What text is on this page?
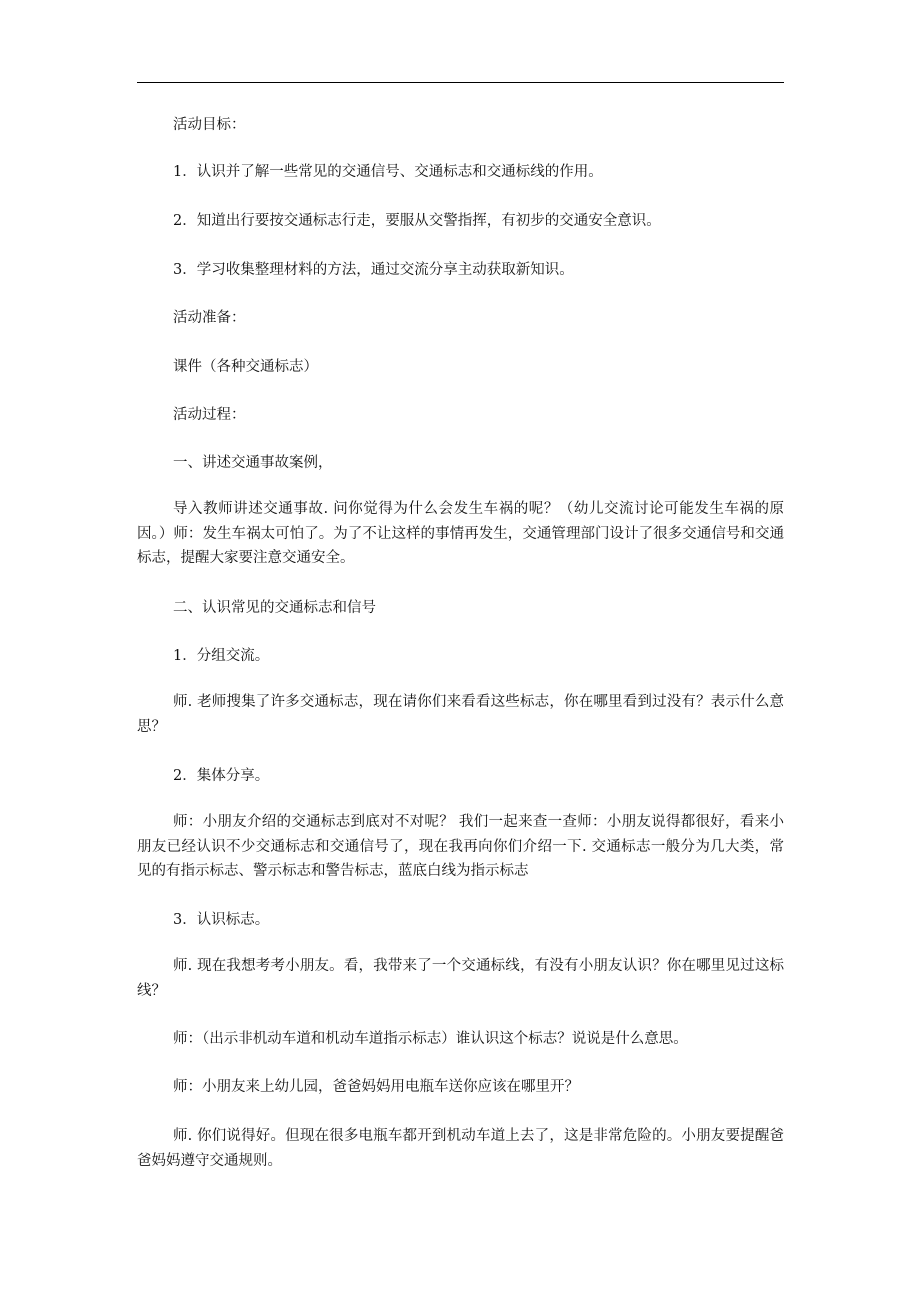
活动目标：
1．认识并了解一些常见的交通信号、交通标志和交通标线的作用。
2．知道出行要按交通标志行走，要服从交警指挥，有初步的交通安全意识。
3．学习收集整理材料的方法，通过交流分享主动获取新知识。
活动准备：
课件（各种交通标志）
活动过程：
一、讲述交通事故案例，
导入教师讲述交通事故. 问你觉得为什么会发生车祸的呢？（幼儿交流讨论可能发生车祸的原因。）师：发生车祸太可怕了。为了不让这样的事情再发生，交通管理部门设计了很多交通信号和交通标志，提醒大家要注意交通安全。
二、认识常见的交通标志和信号
1．分组交流。
师. 老师搜集了许多交通标志，现在请你们来看看这些标志，你在哪里看到过没有？表示什么意思？
2．集体分享。
师：小朋友介绍的交通标志到底对不对呢？ 我们一起来查一查师：小朋友说得都很好，看来小朋友已经认识不少交通标志和交通信号了，现在我再向你们介绍一下. 交通标志一般分为几大类，常见的有指示标志、警示标志和警告标志，蓝底白线为指示标志
3．认识标志。
师. 现在我想考考小朋友。看，我带来了一个交通标线，有没有小朋友认识？你在哪里见过这标线？
师：（出示非机动车道和机动车道指示标志）谁认识这个标志？说说是什么意思。
师：小朋友来上幼儿园，爸爸妈妈用电瓶车送你应该在哪里开？
师. 你们说得好。但现在很多电瓶车都开到机动车道上去了，这是非常危险的。小朋友要提醒爸爸妈妈遵守交通规则。
